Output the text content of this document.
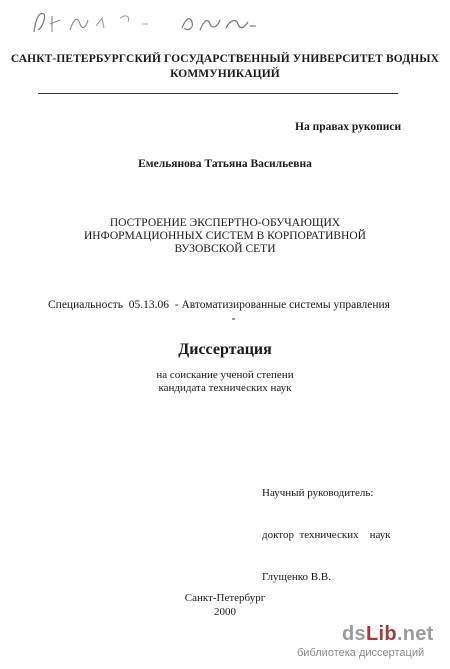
САНКТ-ПЕТЕРБУРГСКИЙ ГОСУДАРСТВЕННЫЙ УНИВЕРСИТЕТ ВОДНЫХ
КОММУНИКАЦИЙ
На правах рукописи
Емельянова Татьяна Васильевна
ПОСТРОЕНИЕ ЭКСПЕРТНО-ОБУЧАЮЩИХ
ИНФОРМАЦИОННЫХ СИСТЕМ В КОРПОРАТИВНОЙ
ВУЗОВСКОЙ СЕТИ
Специальность  05.13.06  - Автоматизированные системы управления
Диссертация
на соискание ученой степени
кандидата технических наук

Научный руководитель:

доктор  технических    наук

Глущенко В.В.

Санкт-Петербург
2000
dsLib.net
библиотека диссертаций
